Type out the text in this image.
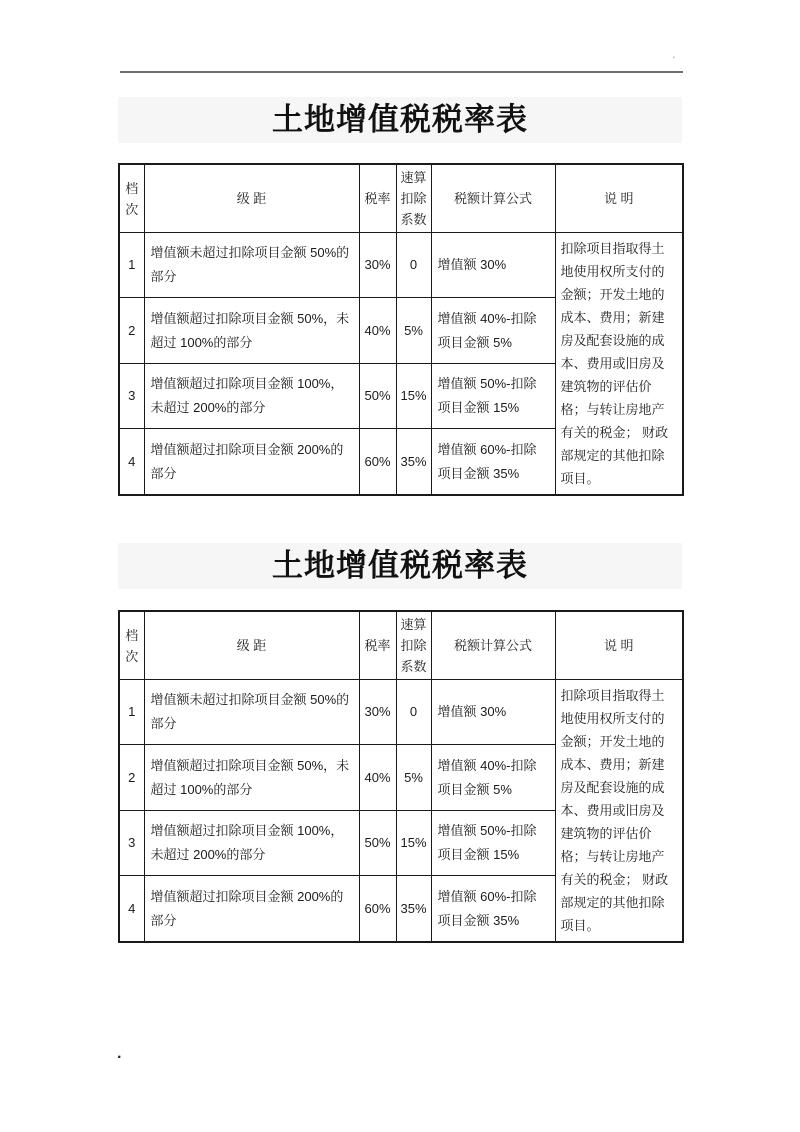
'
土地增值税税率表
档次	级 距	税率	速算扣除系数	税额计算公式	说 明
1	增值额未超过扣除项目金额 50%的部分	30%	0	增值额 30%	扣除项目指取得土地使用权所支付的金额；开发土地的成本、费用；新建房及配套设施的成本、费用或旧房及建筑物的评估价格；与转让房地产有关的税金； 财政部规定的其他扣除项目。
2	增值额超过扣除项目金额 50%，未超过 100%的部分	40%	5%	增值额 40%-扣除项目金额 5%	
3	增值额超过扣除项目金额 100%，未超过 200%的部分	50%	15%	增值额 50%-扣除项目金额 15%	
4	增值额超过扣除项目金额 200%的部分	60%	35%	增值额 60%-扣除项目金额 35%	
土地增值税税率表
档次	级 距	税率	速算扣除系数	税额计算公式	说 明
1	增值额未超过扣除项目金额 50%的部分	30%	0	增值额 30%	扣除项目指取得土地使用权所支付的金额；开发土地的成本、费用；新建房及配套设施的成本、费用或旧房及建筑物的评估价格；与转让房地产有关的税金； 财政部规定的其他扣除项目。
2	增值额超过扣除项目金额 50%，未超过 100%的部分	40%	5%	增值额 40%-扣除项目金额 5%	
3	增值额超过扣除项目金额 100%，未超过 200%的部分	50%	15%	增值额 50%-扣除项目金额 15%	
4	增值额超过扣除项目金额 200%的部分	60%	35%	增值额 60%-扣除项目金额 35%	
.
